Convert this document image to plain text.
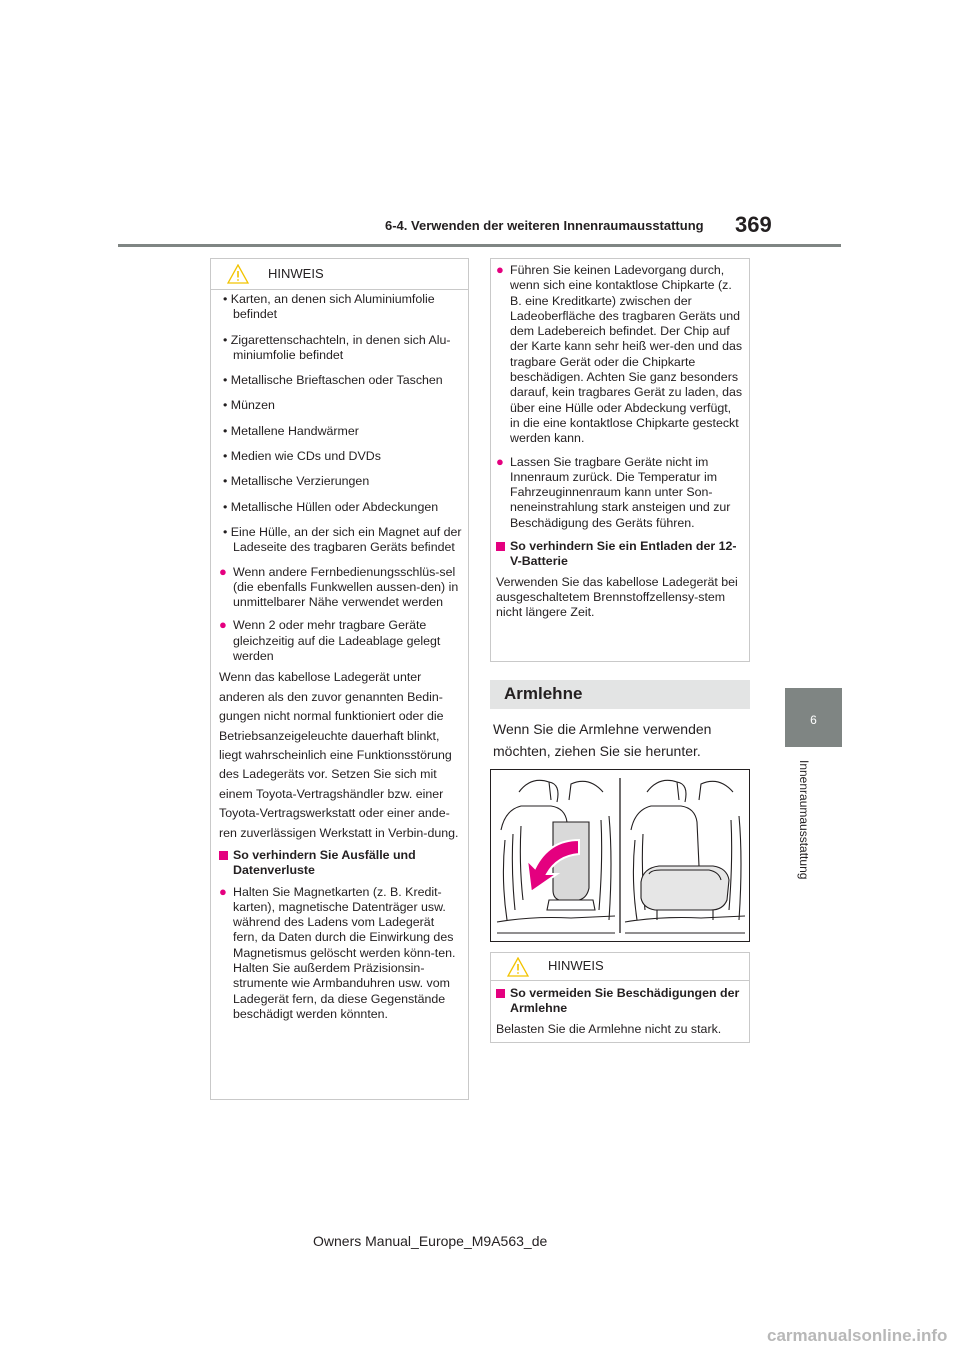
6-4. Verwenden der weiteren Innenraumausstattung 369
6
Innenraumausstattung
HINWEIS
• Karten, an denen sich Aluminiumfolie befindet
• Zigarettenschachteln, in denen sich Alu-miniumfolie befindet
• Metallische Brieftaschen oder Taschen
• Münzen
• Metallene Handwärmer
• Medien wie CDs und DVDs
• Metallische Verzierungen
• Metallische Hüllen oder Abdeckungen
• Eine Hülle, an der sich ein Magnet auf der Ladeseite des tragbaren Geräts befindet
● Wenn andere Fernbedienungsschlüs-sel (die ebenfalls Funkwellen aussen-den) in unmittelbarer Nähe verwendet werden
● Wenn 2 oder mehr tragbare Geräte gleichzeitig auf die Ladeablage gelegt werden
Wenn das kabellose Ladegerät unter anderen als den zuvor genannten Bedin-gungen nicht normal funktioniert oder die Betriebsanzeigeleuchte dauerhaft blinkt, liegt wahrscheinlich eine Funktionsstörung des Ladegeräts vor. Setzen Sie sich mit einem Toyota-Vertragshändler bzw. einer Toyota-Vertragswerkstatt oder einer ande-ren zuverlässigen Werkstatt in Verbin-dung.
So verhindern Sie Ausfälle und Datenverluste
● Halten Sie Magnetkarten (z. B. Kredit-karten), magnetische Datenträger usw. während des Ladens vom Ladegerät fern, da Daten durch die Einwirkung des Magnetismus gelöscht werden könn-ten. Halten Sie außerdem Präzisionsin-strumente wie Armbanduhren usw. vom Ladegerät fern, da diese Gegenstände beschädigt werden könnten.
● Führen Sie keinen Ladevorgang durch, wenn sich eine kontaktlose Chipkarte (z. B. eine Kreditkarte) zwischen der Ladeoberfläche des tragbaren Geräts und dem Ladebereich befindet. Der Chip auf der Karte kann sehr heiß wer-den und das tragbare Gerät oder die Chipkarte beschädigen. Achten Sie ganz besonders darauf, kein tragbares Gerät zu laden, das über eine Hülle oder Abdeckung verfügt, in die eine kontaktlose Chipkarte gesteckt werden kann.
● Lassen Sie tragbare Geräte nicht im Innenraum zurück. Die Temperatur im Fahrzeuginnenraum kann unter Son-neneinstrahlung stark ansteigen und zur Beschädigung des Geräts führen.
So verhindern Sie ein Entladen der 12-V-Batterie
Verwenden Sie das kabellose Ladegerät bei ausgeschaltetem Brennstoffzellensy-stem nicht längere Zeit.
Armlehne
Wenn Sie die Armlehne verwenden möchten, ziehen Sie sie herunter.
HINWEIS
So vermeiden Sie Beschädigungen der Armlehne
Belasten Sie die Armlehne nicht zu stark.
Owners Manual_Europe_M9A563_de
carmanualsonline.info
